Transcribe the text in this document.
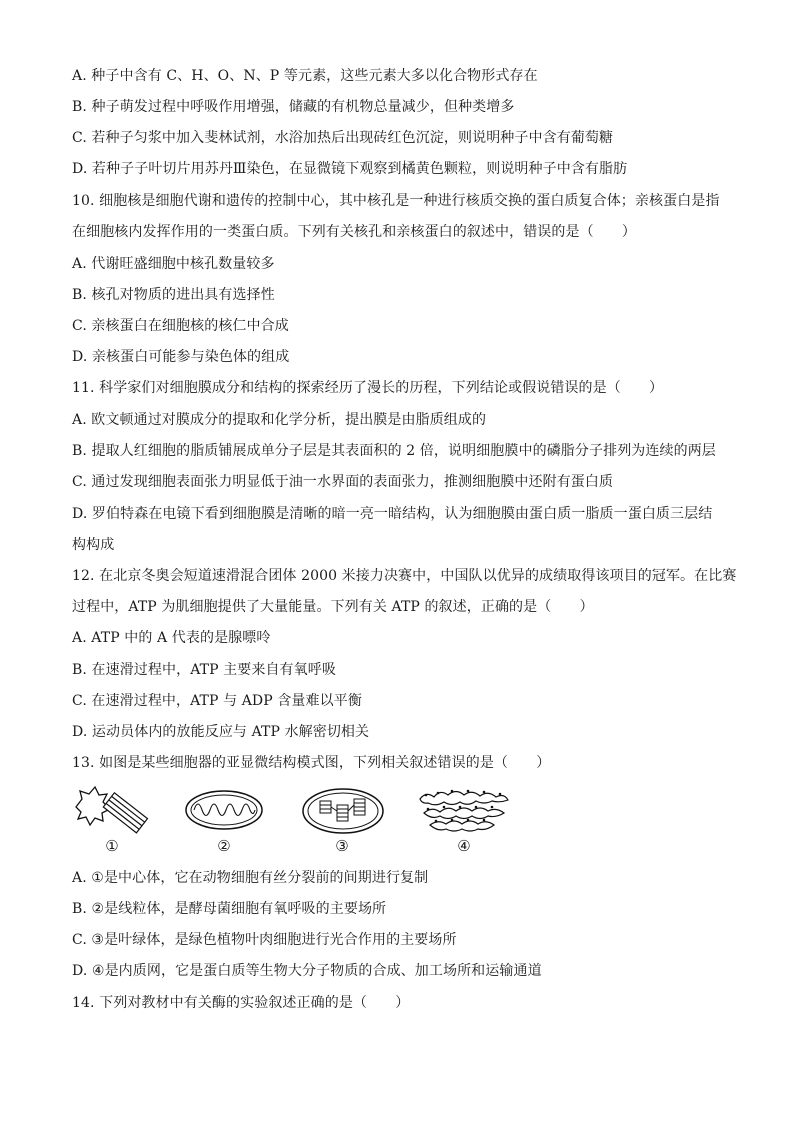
A. 种子中含有 C、H、O、N、P 等元素，这些元素大多以化合物形式存在
B. 种子萌发过程中呼吸作用增强，储藏的有机物总量减少，但种类增多
C. 若种子匀浆中加入斐林试剂，水浴加热后出现砖红色沉淀，则说明种子中含有葡萄糖
D. 若种子子叶切片用苏丹Ⅲ染色，在显微镜下观察到橘黄色颗粒，则说明种子中含有脂肪
10. 细胞核是细胞代谢和遗传的控制中心，其中核孔是一种进行核质交换的蛋白质复合体；亲核蛋白是指
在细胞核内发挥作用的一类蛋白质。下列有关核孔和亲核蛋白的叙述中，错误的是（　　）
A. 代谢旺盛细胞中核孔数量较多
B. 核孔对物质的进出具有选择性
C. 亲核蛋白在细胞核的核仁中合成
D. 亲核蛋白可能参与染色体的组成
11. 科学家们对细胞膜成分和结构的探索经历了漫长的历程，下列结论或假说错误的是（　　）
A. 欧文顿通过对膜成分的提取和化学分析，提出膜是由脂质组成的
B. 提取人红细胞的脂质铺展成单分子层是其表面积的 2 倍，说明细胞膜中的磷脂分子排列为连续的两层
C. 通过发现细胞表面张力明显低于油一水界面的表面张力，推测细胞膜中还附有蛋白质
D. 罗伯特森在电镜下看到细胞膜是清晰的暗一亮一暗结构，认为细胞膜由蛋白质一脂质一蛋白质三层结
构构成
12. 在北京冬奥会短道速滑混合团体 2000 米接力决赛中，中国队以优异的成绩取得该项目的冠军。在比赛
过程中，ATP 为肌细胞提供了大量能量。下列有关 ATP 的叙述，正确的是（　　）
A. ATP 中的 A 代表的是腺嘌呤
B. 在速滑过程中，ATP 主要来自有氧呼吸
C. 在速滑过程中，ATP 与 ADP 含量难以平衡
D. 运动员体内的放能反应与 ATP 水解密切相关
13. 如图是某些细胞器的亚显微结构模式图，下列相关叙述错误的是（　　）
①	②	③	④
A. ①是中心体，它在动物细胞有丝分裂前的间期进行复制
B. ②是线粒体，是酵母菌细胞有氧呼吸的主要场所
C. ③是叶绿体，是绿色植物叶肉细胞进行光合作用的主要场所
D. ④是内质网，它是蛋白质等生物大分子物质的合成、加工场所和运输通道
14. 下列对教材中有关酶的实验叙述正确的是（　　）
